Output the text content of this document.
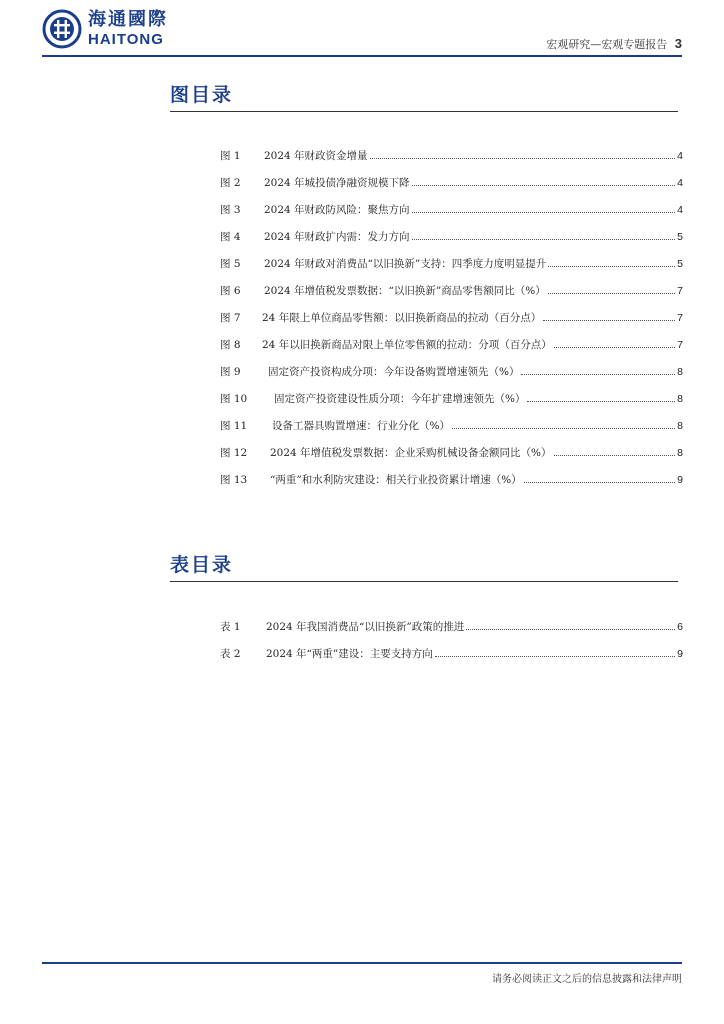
海通國際
HAITONG	宏观研究—宏观专题报告 3
图目录
图 1	2024 年财政资金增量	4
图 2	2024 年城投债净融资规模下降	4
图 3	2024 年财政防风险：聚焦方向	4
图 4	2024 年财政扩内需：发力方向	5
图 5	2024 年财政对消费品“以旧换新”支持：四季度力度明显提升	5
图 6	2024 年增值税发票数据：“以旧换新”商品零售额同比（%）	7
图 7	24 年限上单位商品零售额：以旧换新商品的拉动（百分点）	7
图 8	24 年以旧换新商品对限上单位零售额的拉动：分项（百分点）	7
图 9	固定资产投资构成分项：今年设备购置增速领先（%）	8
图 10	固定资产投资建设性质分项：今年扩建增速领先（%）	8
图 11	设备工器具购置增速：行业分化（%）	8
图 12	2024 年增值税发票数据：企业采购机械设备金额同比（%）	8
图 13	“两重”和水利防灾建设：相关行业投资累计增速（%）	9
表目录
表 1	2024 年我国消费品“以旧换新”政策的推进	6
表 2	2024 年“两重”建设：主要支持方向	9
请务必阅读正文之后的信息披露和法律声明
